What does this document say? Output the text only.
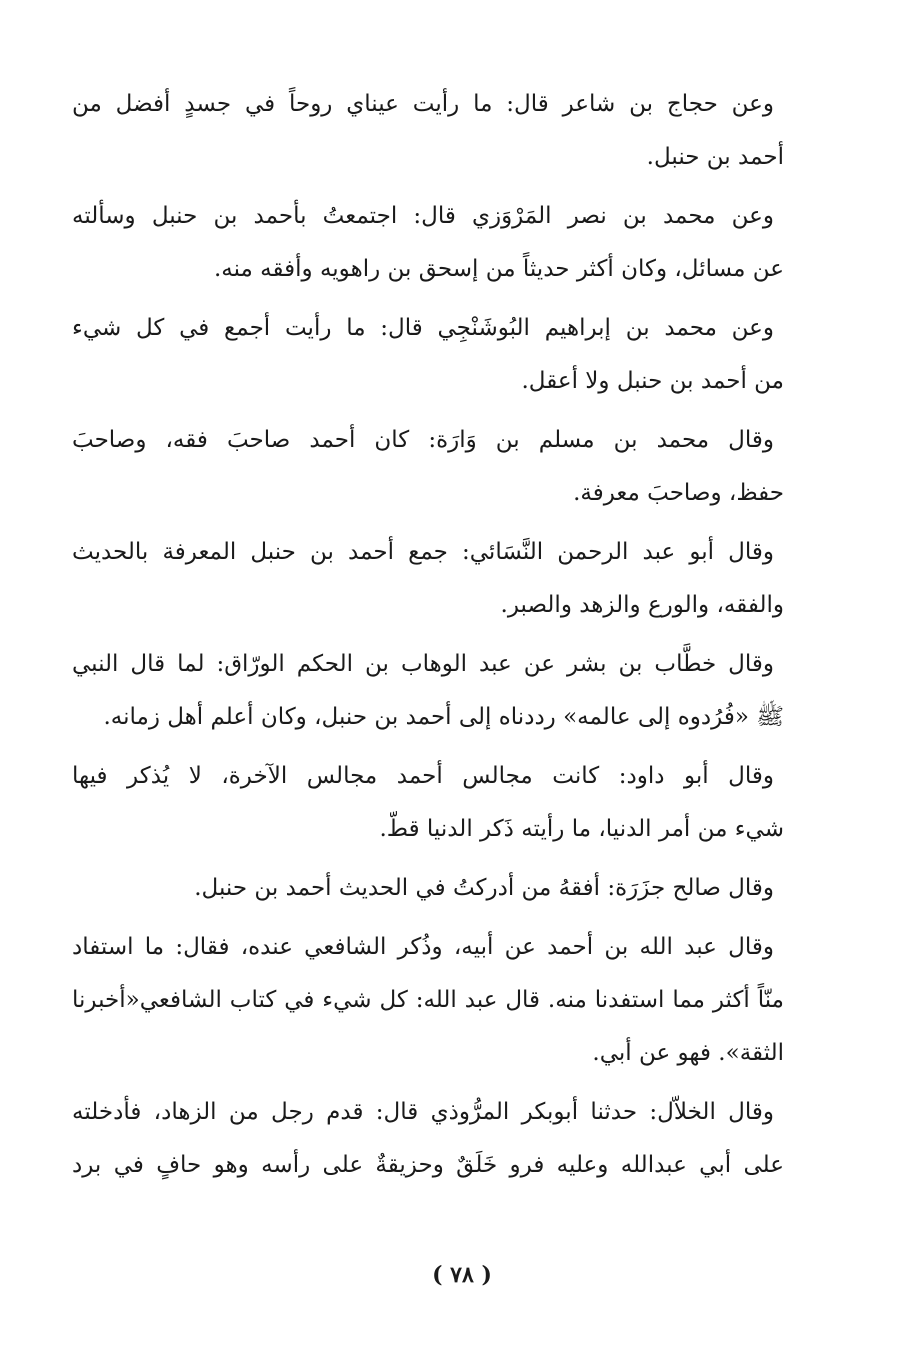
وعن حجاج بن شاعر قال: ما رأيت عيناي روحاً في جسدٍ أفضل من
أحمد بن حنبل.
وعن محمد بن نصر المَرْوَزي قال: اجتمعتُ بأحمد بن حنبل وسألته
عن مسائل، وكان أكثر حديثاً من إسحق بن راهويه وأفقه منه.
وعن محمد بن إبراهيم البُوشَنْجِي قال: ما رأيت أجمع في كل شيء
من أحمد بن حنبل ولا أعقل.
وقال محمد بن مسلم بن وَارَة: كان أحمد صاحبَ فقه، وصاحبَ
حفظ، وصاحبَ معرفة.
وقال أبو عبد الرحمن النَّسَائي: جمع أحمد بن حنبل المعرفة بالحديث
والفقه، والورع والزهد والصبر.
وقال خطَّاب بن بشر عن عبد الوهاب بن الحكم الورّاق: لما قال النبي
ﷺ «فُرُدوه إلى عالمه» رددناه إلى أحمد بن حنبل، وكان أعلم أهل زمانه.
وقال أبو داود: كانت مجالس أحمد مجالس الآخرة، لا يُذكر فيها
شيء من أمر الدنيا، ما رأيته ذَكر الدنيا قطّ.
وقال صالح جزَرَة: أفقهُ من أدركتُ في الحديث أحمد بن حنبل.
وقال عبد الله بن أحمد عن أبيه، وذُكر الشافعي عنده، فقال: ما استفاد
منّاً أكثر مما استفدنا منه. قال عبد الله: كل شيء في كتاب الشافعي«أخبرنا
الثقة». فهو عن أبي.
وقال الخلاّل: حدثنا أبوبكر المرُّوذي قال: قدم رجل من الزهاد، فأدخلته
على أبي عبدالله وعليه فرو خَلَقٌ وحزيقةٌ على رأسه وهو حافٍ في برد
( ٧٨ )
